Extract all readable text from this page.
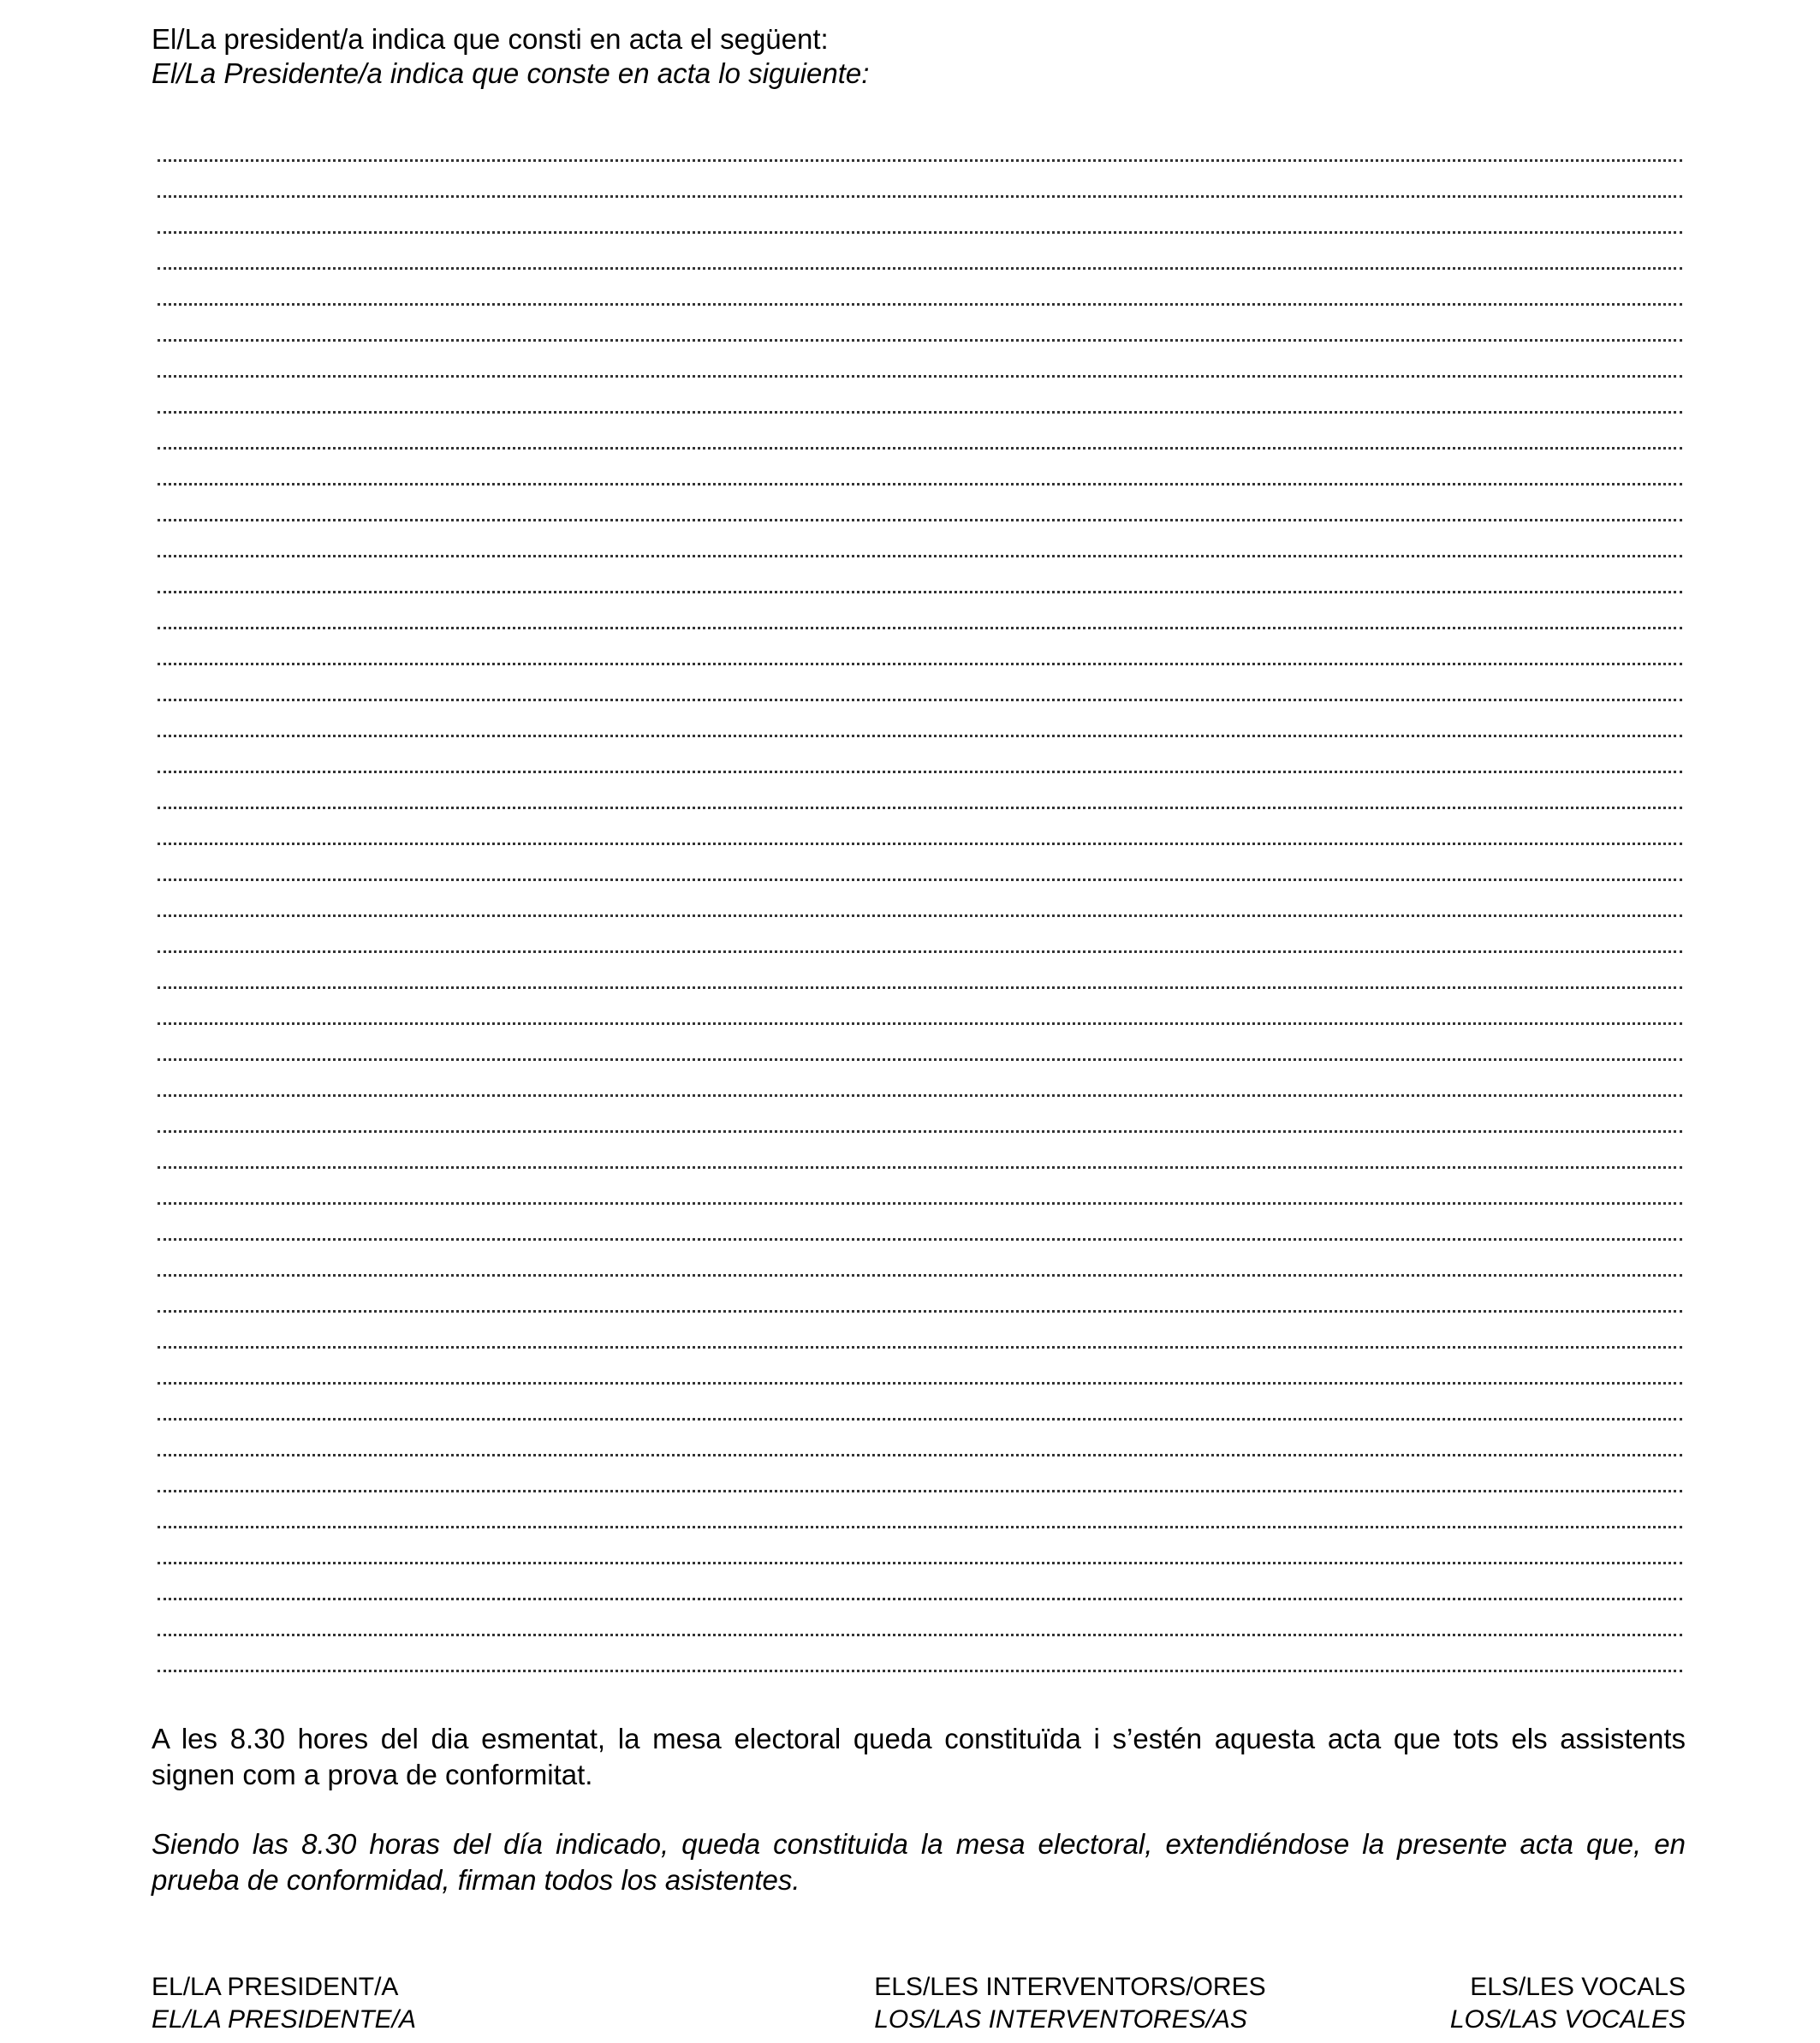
El/La president/a indica que consti en acta el següent:
El/La Presidente/a indica que conste en acta lo siguiente:

A les 8.30 hores del dia esmentat, la mesa electoral queda constituïda i s’estén aquesta acta que tots els assistents signen com a prova de conformitat.

Siendo las 8.30 horas del día indicado, queda constituida la mesa electoral, extendiéndose la presente acta que, en prueba de conformidad, firman todos los asistentes.

EL/LA PRESIDENT/A
EL/LA PRESIDENTE/A
ELS/LES INTERVENTORS/ORES
LOS/LAS INTERVENTORES/AS
ELS/LES VOCALS
LOS/LAS VOCALES
